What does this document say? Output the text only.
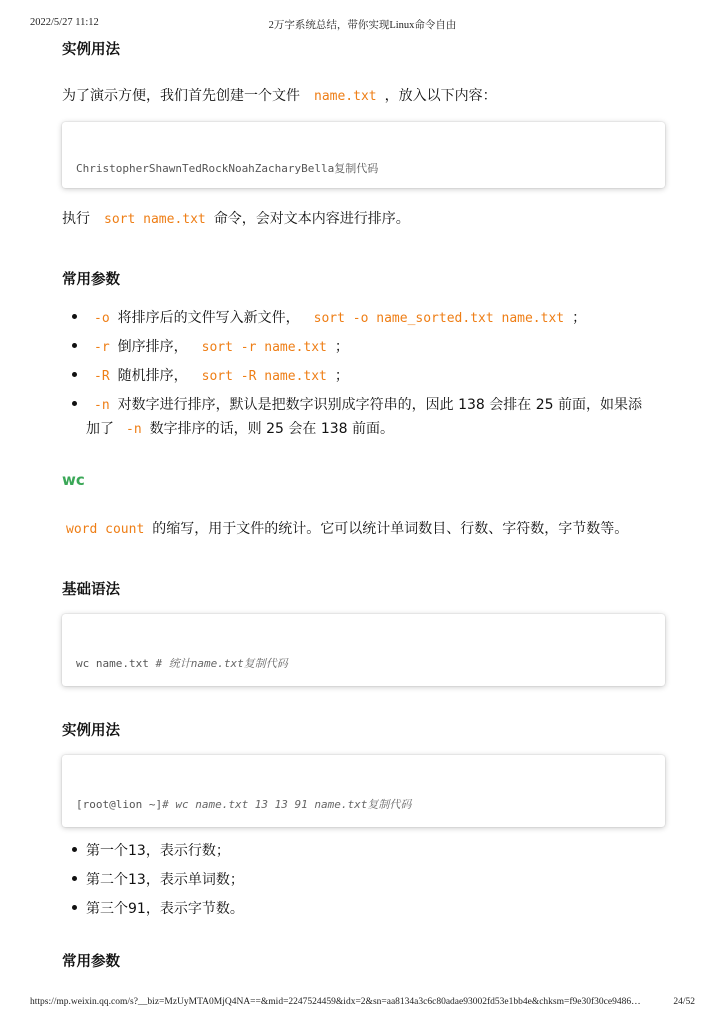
2022/5/27 11:12	2万字系统总结，带你实现Linux命令自由
实例用法
为了演示方便，我们首先创建一个文件 name.txt ，放入以下内容：
ChristopherShawnTedRockNoahZacharyBella复制代码
执行 sort name.txt 命令，会对文本内容进行排序。
常用参数
-o 将排序后的文件写入新文件， sort -o name_sorted.txt name.txt ；
-r 倒序排序， sort -r name.txt ；
-R 随机排序， sort -R name.txt ；
-n 对数字进行排序，默认是把数字识别成字符串的，因此 138 会排在 25 前面，如果添
加了 -n 数字排序的话，则 25 会在 138 前面。
wc
word count 的缩写，用于文件的统计。它可以统计单词数目、行数、字符数，字节数等。
基础语法
wc name.txt # 统计name.txt复制代码
实例用法
[root@lion ~]# wc name.txt 13 13 91 name.txt复制代码
第一个13，表示行数；
第二个13，表示单词数；
第三个91，表示字节数。
常用参数
https://mp.weixin.qq.com/s?__biz=MzUyMTA0MjQ4NA==&mid=2247524459&idx=2&sn=aa8134a3c6c80adae93002fd53e1bb4e&chksm=f9e30f30ce9486…	24/52
